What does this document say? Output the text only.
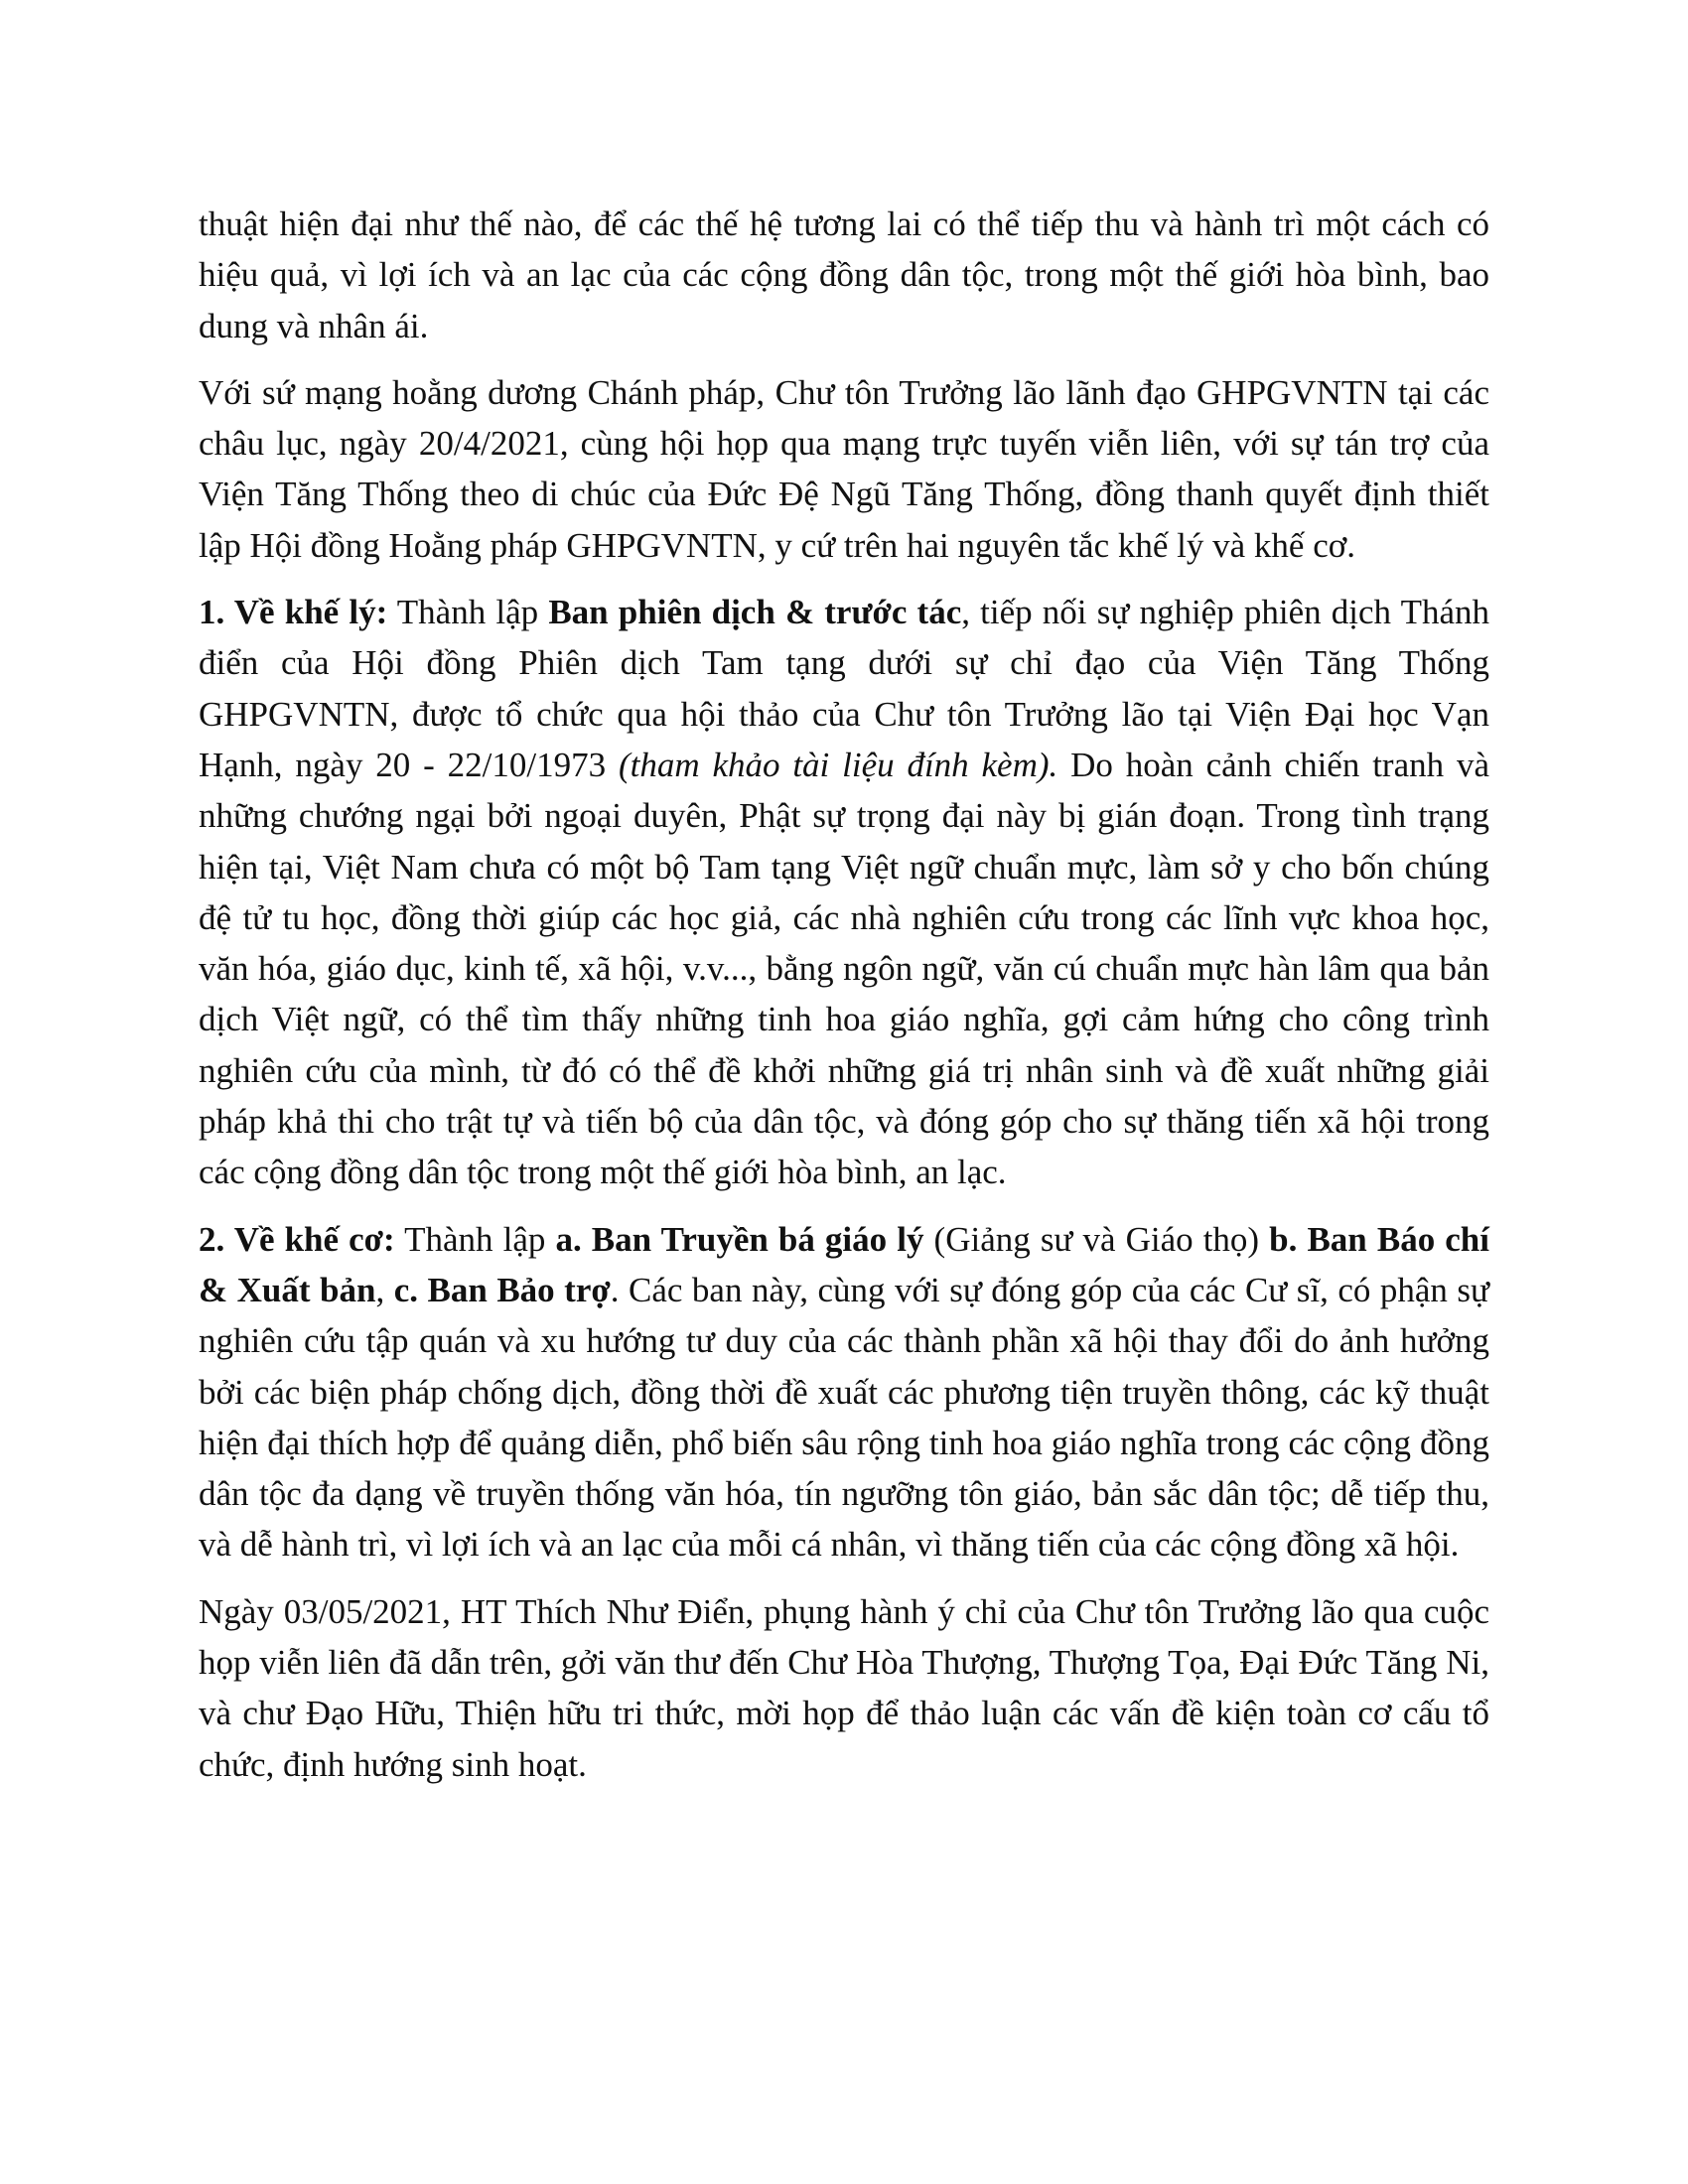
thuật hiện đại như thế nào, để các thế hệ tương lai có thể tiếp thu và hành trì một cách có hiệu quả, vì lợi ích và an lạc của các cộng đồng dân tộc, trong một thế giới hòa bình, bao dung và nhân ái.

Với sứ mạng hoằng dương Chánh pháp, Chư tôn Trưởng lão lãnh đạo GHPGVNTN tại các châu lục, ngày 20/4/2021, cùng hội họp qua mạng trực tuyến viễn liên, với sự tán trợ của Viện Tăng Thống theo di chúc của Đức Đệ Ngũ Tăng Thống, đồng thanh quyết định thiết lập Hội đồng Hoằng pháp GHPGVNTN, y cứ trên hai nguyên tắc khế lý và khế cơ.

1. Về khế lý: Thành lập Ban phiên dịch & trước tác, tiếp nối sự nghiệp phiên dịch Thánh điển của Hội đồng Phiên dịch Tam tạng dưới sự chỉ đạo của Viện Tăng Thống GHPGVNTN, được tổ chức qua hội thảo của Chư tôn Trưởng lão tại Viện Đại học Vạn Hạnh, ngày 20 - 22/10/1973 (tham khảo tài liệu đính kèm). Do hoàn cảnh chiến tranh và những chướng ngại bởi ngoại duyên, Phật sự trọng đại này bị gián đoạn. Trong tình trạng hiện tại, Việt Nam chưa có một bộ Tam tạng Việt ngữ chuẩn mực, làm sở y cho bốn chúng đệ tử tu học, đồng thời giúp các học giả, các nhà nghiên cứu trong các lĩnh vực khoa học, văn hóa, giáo dục, kinh tế, xã hội, v.v..., bằng ngôn ngữ, văn cú chuẩn mực hàn lâm qua bản dịch Việt ngữ, có thể tìm thấy những tinh hoa giáo nghĩa, gợi cảm hứng cho công trình nghiên cứu của mình, từ đó có thể đề khởi những giá trị nhân sinh và đề xuất những giải pháp khả thi cho trật tự và tiến bộ của dân tộc, và đóng góp cho sự thăng tiến xã hội trong các cộng đồng dân tộc trong một thế giới hòa bình, an lạc.

2. Về khế cơ: Thành lập a. Ban Truyền bá giáo lý (Giảng sư và Giáo thọ) b. Ban Báo chí & Xuất bản, c. Ban Bảo trợ. Các ban này, cùng với sự đóng góp của các Cư sĩ, có phận sự nghiên cứu tập quán và xu hướng tư duy của các thành phần xã hội thay đổi do ảnh hưởng bởi các biện pháp chống dịch, đồng thời đề xuất các phương tiện truyền thông, các kỹ thuật hiện đại thích hợp để quảng diễn, phổ biến sâu rộng tinh hoa giáo nghĩa trong các cộng đồng dân tộc đa dạng về truyền thống văn hóa, tín ngưỡng tôn giáo, bản sắc dân tộc; dễ tiếp thu, và dễ hành trì, vì lợi ích và an lạc của mỗi cá nhân, vì thăng tiến của các cộng đồng xã hội.

Ngày 03/05/2021, HT Thích Như Điển, phụng hành ý chỉ của Chư tôn Trưởng lão qua cuộc họp viễn liên đã dẫn trên, gởi văn thư đến Chư Hòa Thượng, Thượng Tọa, Đại Đức Tăng Ni, và chư Đạo Hữu, Thiện hữu tri thức, mời họp để thảo luận các vấn đề kiện toàn cơ cấu tổ chức, định hướng sinh hoạt.
